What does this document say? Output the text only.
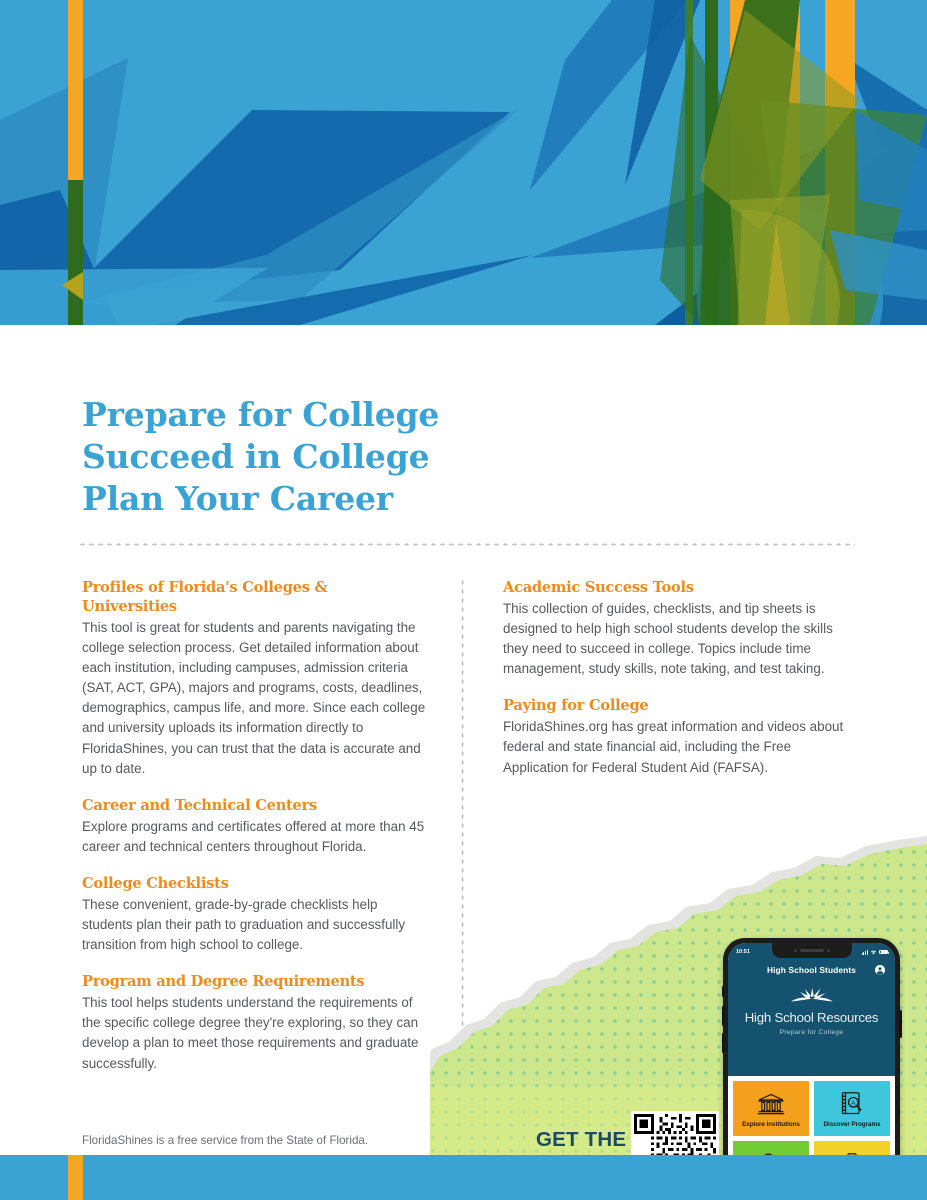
Prepare for College
Succeed in College
Plan Your Career
Profiles of Florida's Colleges & Universities

This tool is great for students and parents navigating the college selection process. Get detailed information about each institution, including campuses, admission criteria (SAT, ACT, GPA), majors and programs, costs, deadlines, demographics, campus life, and more. Since each college and university uploads its information directly to FloridaShines, you can trust that the data is accurate and up to date.

Career and Technical Centers

Explore programs and certificates offered at more than 45 career and technical centers throughout Florida.

College Checklists

These convenient, grade-by-grade checklists help students plan their path to graduation and successfully transition from high school to college.

Program and Degree Requirements

This tool helps students understand the requirements of the specific college degree they're exploring, so they can develop a plan to meet those requirements and graduate successfully.

Academic Success Tools

This collection of guides, checklists, and tip sheets is designed to help high school students develop the skills they need to succeed in college. Topics include time management, study skills, note taking, and test taking.

Paying for College

FloridaShines.org has great information and videos about federal and state financial aid, including the Free Application for Federal Student Aid (FAFSA).

GET THE
10:51
High School Students
High School Resources
Prepare for College
Explore Institutions
A
Discover Programs
FloridaShines is a free service from the State of Florida.
